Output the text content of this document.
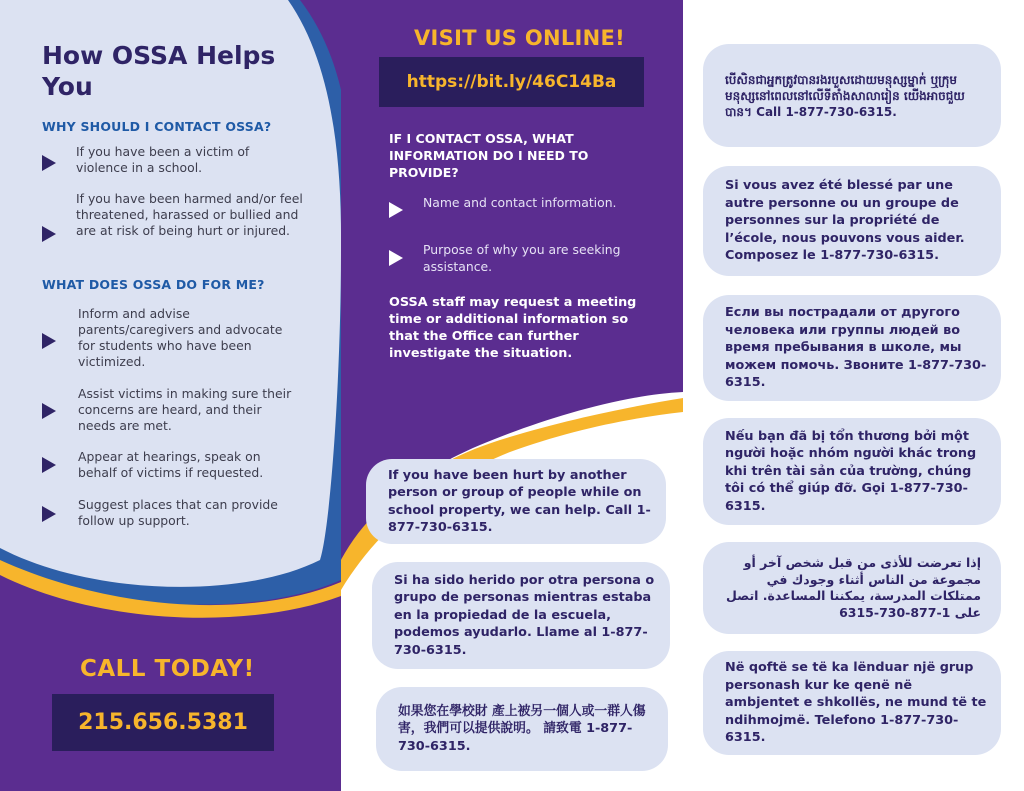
How OSSA Helps You
WHY SHOULD I CONTACT OSSA?
If you have been a victim of violence in a school.
If you have been harmed and/or feel threatened, harassed or bullied and are at risk of being hurt or injured.
WHAT DOES OSSA DO FOR ME?
Inform and advise parents/caregivers and advocate for students who have been victimized.
Assist victims in making sure their concerns are heard, and their needs are met.
Appear at hearings, speak on behalf of victims if requested.
Suggest places that can provide follow up support.
CALL TODAY!
215.656.5381
VISIT US ONLINE!
https://bit.ly/46C14Ba
IF I CONTACT OSSA, WHAT INFORMATION DO I NEED TO PROVIDE?
Name and contact information.
Purpose of why you are seeking assistance.
OSSA staff may request a meeting time or additional information so that the Office can further investigate the situation.
If you have been hurt by another person or group of people while on school property, we can help. Call 1-877-730-6315.
Si ha sido herido por otra persona o grupo de personas mientras estaba en la propiedad de la escuela, podemos ayudarlo. Llame al 1-877-730-6315.
如果您在學校財 產上被另一個人或一群人傷 害，我們可以提供說明。 請致電 1-877-730-6315.
បើសិនជាអ្នកត្រូវបានរងរបួសដោយមនុស្សម្នាក់ ឬក្រុមមនុស្សនៅពេលនៅលើទីតាំងសាលារៀន យើងអាចជួយបាន។ Call 1-877-730-6315.
Si vous avez été blessé par une autre personne ou un groupe de personnes sur la propriété de l’école, nous pouvons vous aider. Composez le 1-877-730-6315.
Если вы пострадали от другого человека или группы людей во время пребывания в школе, мы можем помочь. Звоните 1-877-730-6315.
Nếu bạn đã bị tổn thương bởi một người hoặc nhóm người khác trong khi trên tài sản của trường, chúng tôi có thể giúp đỡ. Gọi 1-877-730-6315.
إذا تعرضت للأذى من قبل شخص آخر أو مجموعة من الناس أثناء وجودك في ممتلكات المدرسة، يمكننا المساعدة. اتصل على 1-877-730-6315
Në qoftë se të ka lënduar një grup personash kur ke qenë në ambjentet e shkollës, ne mund të te ndihmojmë. Telefono 1-877-730-6315.
